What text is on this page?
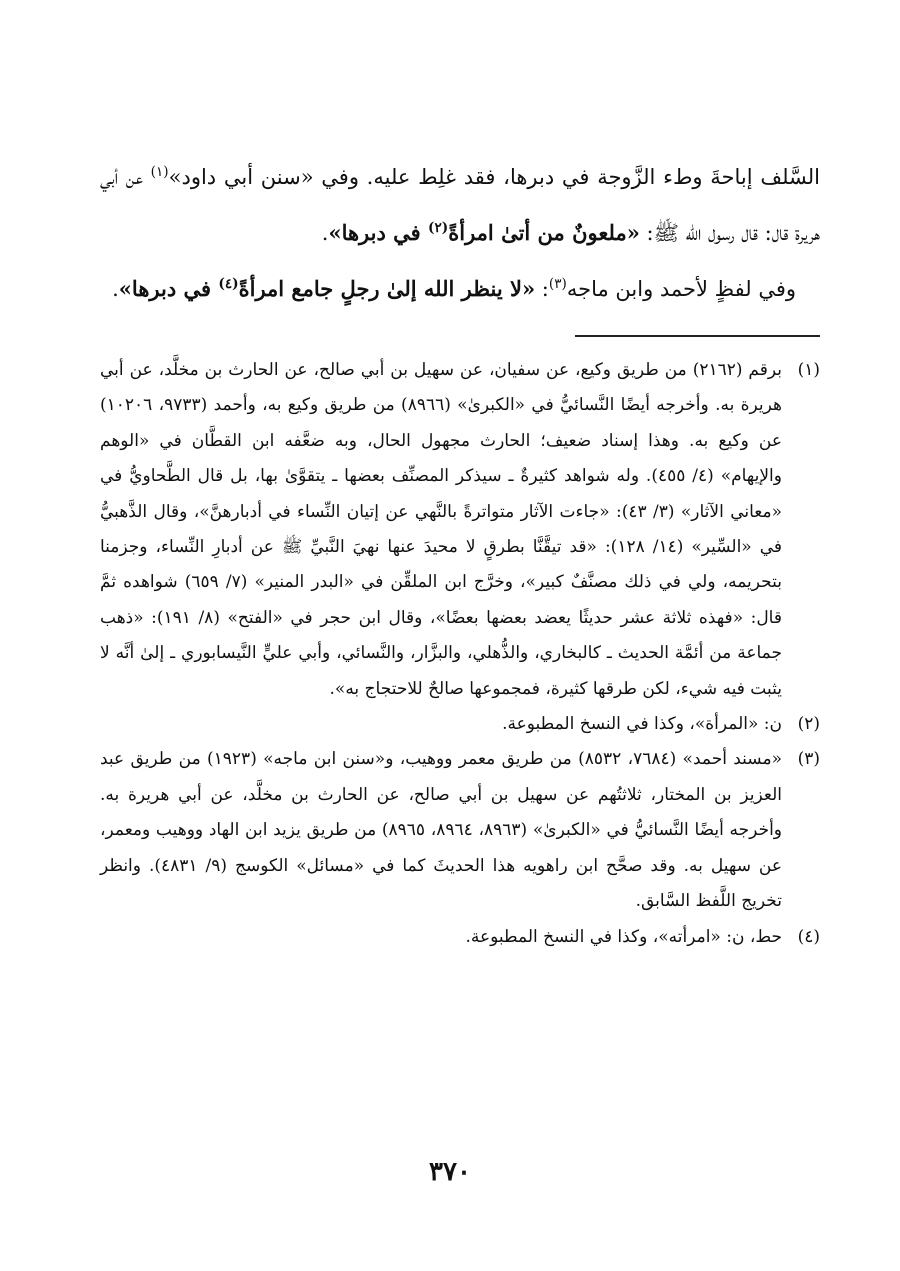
السَّلف إباحةَ وطء الزَّوجة في دبرها، فقد غلِط عليه. وفي «سنن أبي داود»$^{(١)}$ عن أبي هريرة قال: قال رسول الله ﷺ: «ملعونٌ من أتىٰ امرأةً$^{(٢)}$ في دبرها».

وفي لفظٍ لأحمد وابن ماجه$^{(٣)}$: «لا ينظر الله إلىٰ رجلٍ جامع امرأةً$^{(٤)}$ في دبرها».

(١)
برقم (٢١٦٢) من طريق وكيع، عن سفيان، عن سهيل بن أبي صالح، عن الحارث بن مخلَّد، عن أبي هريرة به. وأخرجه أيضًا النَّسائيُّ في «الكبرىٰ» (٨٩٦٦) من طريق وكيع به، وأحمد (٩٧٣٣، ١٠٢٠٦) عن وكيع به. وهذا إسناد ضعيف؛ الحارث مجهول الحال، وبه ضعَّفه ابن القطَّان في «الوهم والإيهام» (٤/ ٤٥٥). وله شواهد كثيرةٌ ـ سيذكر المصنِّف بعضها ـ يتقوَّىٰ بها، بل قال الطَّحاويُّ في «معاني الآثار» (٣/ ٤٣): «جاءت الآثار متواترةً بالنَّهي عن إتيان النِّساء في أدبارهنَّ»، وقال الذَّهبيُّ في «السِّير» (١٤/ ١٢٨): «قد تيقَّنَّا بطرقٍ لا محيدَ عنها نهيَ النَّبيِّ ﷺ عن أدبارِ النِّساء، وجزمنا بتحريمه، ولي في ذلك مصنَّفٌ كبير»، وخرَّج ابن الملقِّن في «البدر المنير» (٧/ ٦٥٩) شواهده ثمَّ قال: «فهذه ثلاثة عشر حديثًا يعضد بعضها بعضًا»، وقال ابن حجر في «الفتح» (٨/ ١٩١): «ذهب جماعة من أئمَّة الحديث ـ كالبخاري، والذُّهلي، والبزَّار، والنَّسائي، وأبي عليٍّ النَّيسابوري ـ إلىٰ أنَّه لا يثبت فيه شيء، لكن طرقها كثيرة، فمجموعها صالحٌ للاحتجاج به».
(٢)
ن: «المرأة»، وكذا في النسخ المطبوعة.
(٣)
«مسند أحمد» (٧٦٨٤، ٨٥٣٢) من طريق معمر ووهيب، و«سنن ابن ماجه» (١٩٢٣) من طريق عبد العزيز بن المختار، ثلاثتُهم عن سهيل بن أبي صالح، عن الحارث بن مخلَّد، عن أبي هريرة به. وأخرجه أيضًا النَّسائيُّ في «الكبرىٰ» (٨٩٦٣، ٨٩٦٤، ٨٩٦٥) من طريق يزيد ابن الهاد ووهيب ومعمر، عن سهيل به. وقد صحَّح ابن راهويه هذا الحديثَ كما في «مسائل» الكوسج (٩/ ٤٨٣١). وانظر تخريج اللَّفظ السَّابق.
(٤)
حط، ن: «امرأته»، وكذا في النسخ المطبوعة.
٣٧٠
